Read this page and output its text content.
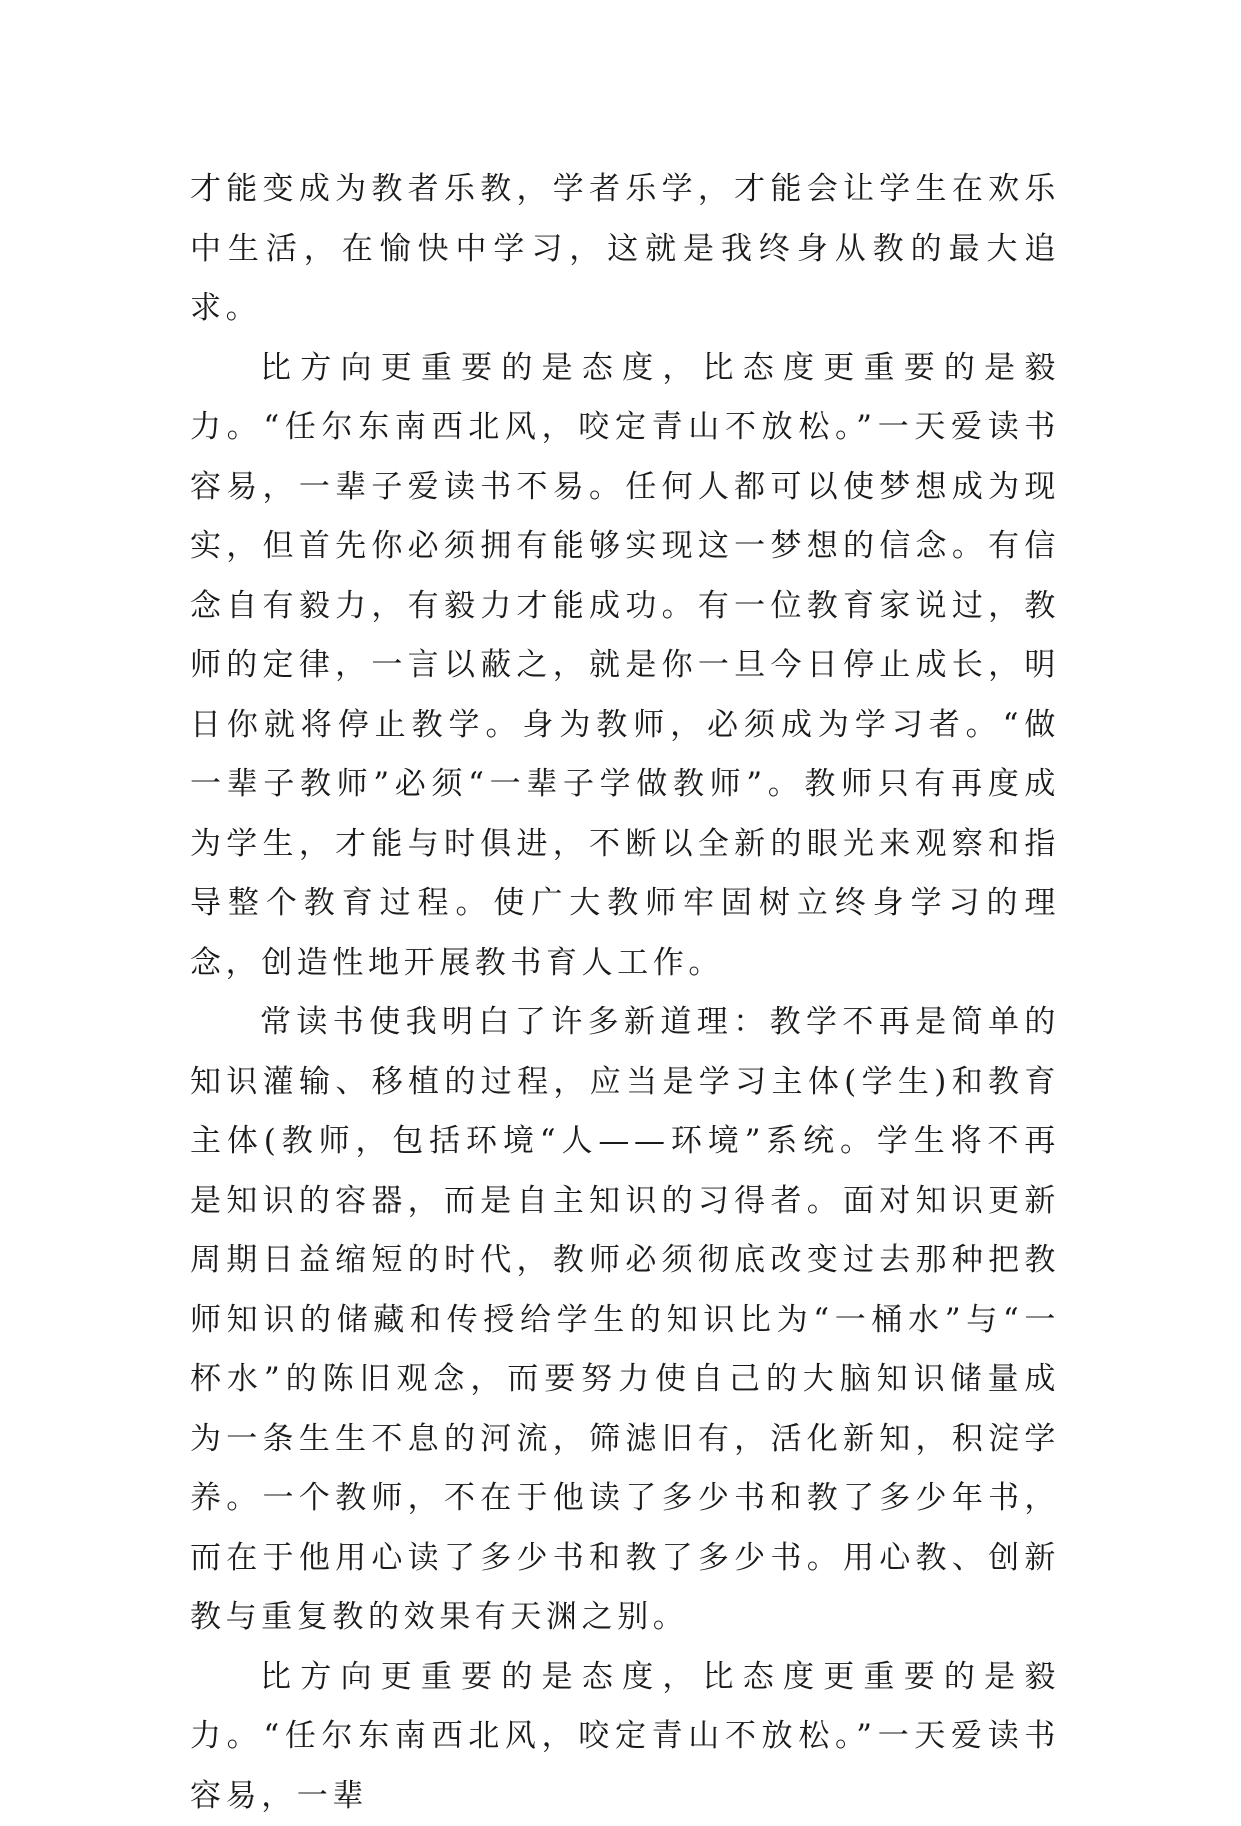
才能变成为教者乐教，学者乐学，才能会让学生在欢乐中生活，在愉快中学习，这就是我终身从教的最大追求。

比方向更重要的是态度，比态度更重要的是毅力。“任尔东南西北风，咬定青山不放松。”一天爱读书容易，一辈子爱读书不易。任何人都可以使梦想成为现实，但首先你必须拥有能够实现这一梦想的信念。有信念自有毅力，有毅力才能成功。有一位教育家说过，教师的定律，一言以蔽之，就是你一旦今日停止成长，明日你就将停止教学。身为教师，必须成为学习者。“做一辈子教师”必须“一辈子学做教师”。教师只有再度成为学生，才能与时俱进，不断以全新的眼光来观察和指导整个教育过程。使广大教师牢固树立终身学习的理念，创造性地开展教书育人工作。

常读书使我明白了许多新道理：教学不再是简单的知识灌输、移植的过程，应当是学习主体(学生)和教育主体(教师，包括环境“人——环境”系统。学生将不再是知识的容器，而是自主知识的习得者。面对知识更新周期日益缩短的时代，教师必须彻底改变过去那种把教师知识的储藏和传授给学生的知识比为“一桶水”与“一杯水”的陈旧观念，而要努力使自己的大脑知识储量成为一条生生不息的河流，筛滤旧有，活化新知，积淀学养。一个教师，不在于他读了多少书和教了多少年书，而在于他用心读了多少书和教了多少书。用心教、创新教与重复教的效果有天渊之别。

比方向更重要的是态度，比态度更重要的是毅力。“任尔东南西北风，咬定青山不放松。”一天爱读书容易，一辈
